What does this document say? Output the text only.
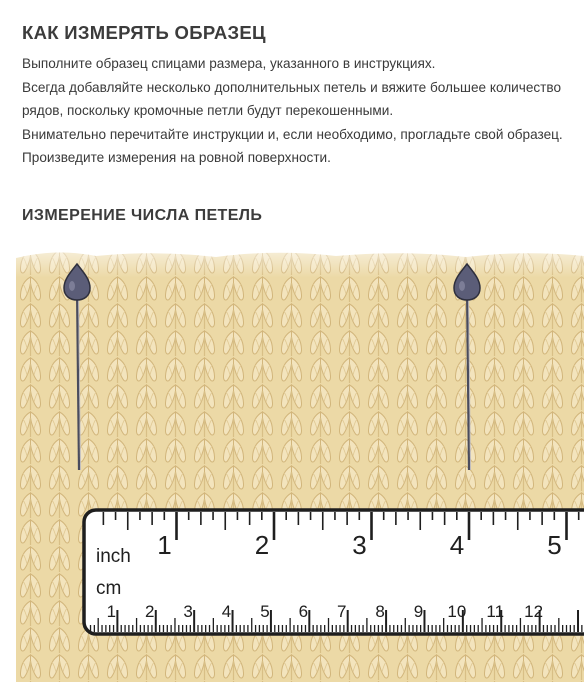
КАК ИЗМЕРЯТЬ ОБРАЗЕЦ

Выполните образец спицами размера, указанного в инструкциях.

Всегда добавляйте несколько дополнительных петель и вяжите большее количество рядов, поскольку кромочные петли будут перекошенными.

Внимательно перечитайте инструкции и, если необходимо, прогладьте свой образец. Произведите измерения на ровной поверхности.

ИЗМЕРЕНИЕ ЧИСЛА ПЕТЕЛЬ
1	2	3	4	5
1 2 3 4 5 6 7 8 9 10 11 12
inch
cm
